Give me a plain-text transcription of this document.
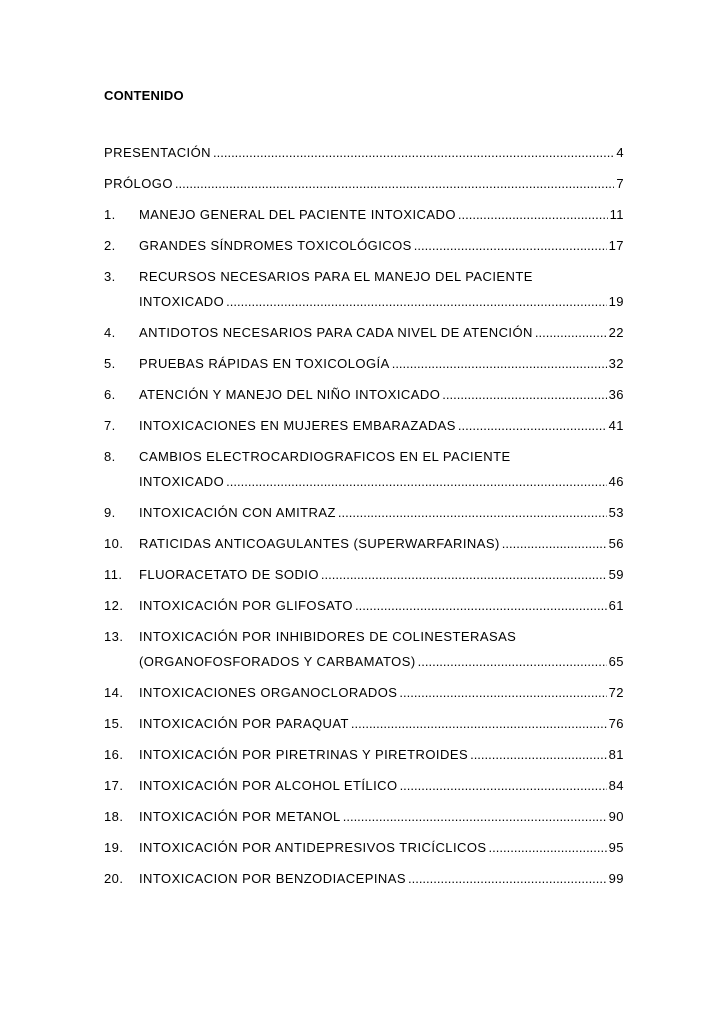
CONTENIDO
PRESENTACIÓN .....	4
PRÓLOGO .....	7
1.	MANEJO GENERAL DEL PACIENTE INTOXICADO .....	11
2.	GRANDES SÍNDROMES TOXICOLÓGICOS .....	17
3.	RECURSOS NECESARIOS PARA EL MANEJO DEL PACIENTE
INTOXICADO .....	19
4.	ANTIDOTOS NECESARIOS PARA CADA NIVEL DE ATENCIÓN .....	22
5.	PRUEBAS RÁPIDAS EN TOXICOLOGÍA .....	32
6.	ATENCIÓN Y MANEJO DEL NIÑO INTOXICADO .....	36
7.	INTOXICACIONES EN MUJERES EMBARAZADAS .....	41
8.	CAMBIOS ELECTROCARDIOGRAFICOS EN EL PACIENTE
INTOXICADO .....	46
9.	INTOXICACIÓN CON AMITRAZ .....	53
10.	RATICIDAS ANTICOAGULANTES (SUPERWARFARINAS) .....	56
11.	FLUORACETATO DE SODIO .....	59
12.	INTOXICACIÓN POR GLIFOSATO .....	61
13.	INTOXICACIÓN POR INHIBIDORES DE COLINESTERASAS
(ORGANOFOSFORADOS Y CARBAMATOS) .....	65
14.	INTOXICACIONES ORGANOCLORADOS .....	72
15.	INTOXICACIÓN POR PARAQUAT .....	76
16.	INTOXICACIÓN POR PIRETRINAS Y PIRETROIDES .....	81
17.	INTOXICACIÓN POR ALCOHOL ETÍLICO .....	84
18.	INTOXICACIÓN POR METANOL .....	90
19.	INTOXICACIÓN POR ANTIDEPRESIVOS TRICÍCLICOS .....	95
20.	INTOXICACION POR BENZODIACEPINAS .....	99
